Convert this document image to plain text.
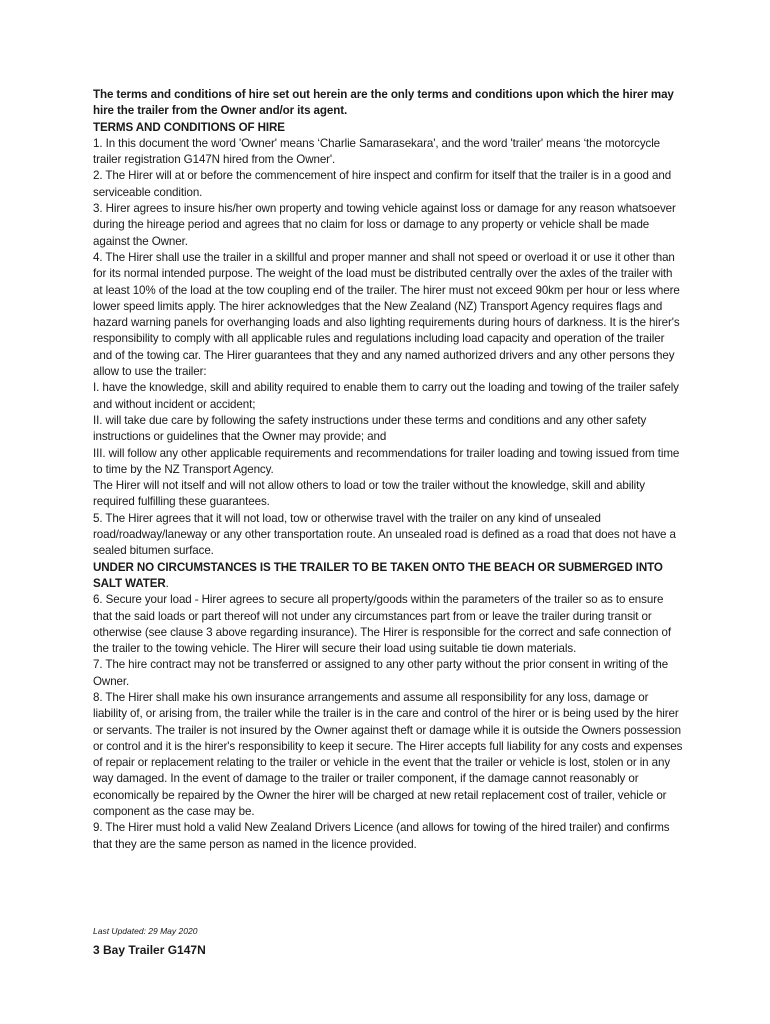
The terms and conditions of hire set out herein are the only terms and conditions upon which the hirer may hire the trailer from the Owner and/or its agent.

TERMS AND CONDITIONS OF HIRE

1. In this document the word 'Owner' means ‘Charlie Samarasekara', and the word 'trailer' means ‘the motorcycle trailer registration G147N hired from the Owner'.

2. The Hirer will at or before the commencement of hire inspect and confirm for itself that the trailer is in a good and serviceable condition.

3. Hirer agrees to insure his/her own property and towing vehicle against loss or damage for any reason whatsoever during the hireage period and agrees that no claim for loss or damage to any property or vehicle shall be made against the Owner.

4. The Hirer shall use the trailer in a skillful and proper manner and shall not speed or overload it or use it other than for its normal intended purpose. The weight of the load must be distributed centrally over the axles of the trailer with at least 10% of the load at the tow coupling end of the trailer. The hirer must not exceed 90km per hour or less where lower speed limits apply. The hirer acknowledges that the New Zealand (NZ) Transport Agency requires flags and hazard warning panels for overhanging loads and also lighting requirements during hours of darkness. It is the hirer's responsibility to comply with all applicable rules and regulations including load capacity and operation of the trailer and of the towing car. The Hirer guarantees that they and any named authorized drivers and any other persons they allow to use the trailer:

I. have the knowledge, skill and ability required to enable them to carry out the loading and towing of the trailer safely and without incident or accident;

II. will take due care by following the safety instructions under these terms and conditions and any other safety instructions or guidelines that the Owner may provide; and

III. will follow any other applicable requirements and recommendations for trailer loading and towing issued from time to time by the NZ Transport Agency.

The Hirer will not itself and will not allow others to load or tow the trailer without the knowledge, skill and ability required fulfilling these guarantees.

5. The Hirer agrees that it will not load, tow or otherwise travel with the trailer on any kind of unsealed road/roadway/laneway or any other transportation route. An unsealed road is defined as a road that does not have a sealed bitumen surface.

UNDER NO CIRCUMSTANCES IS THE TRAILER TO BE TAKEN ONTO THE BEACH OR SUBMERGED INTO SALT WATER.

6. Secure your load - Hirer agrees to secure all property/goods within the parameters of the trailer so as to ensure that the said loads or part thereof will not under any circumstances part from or leave the trailer during transit or otherwise (see clause 3 above regarding insurance). The Hirer is responsible for the correct and safe connection of the trailer to the towing vehicle. The Hirer will secure their load using suitable tie down materials.

7. The hire contract may not be transferred or assigned to any other party without the prior consent in writing of the Owner.

8. The Hirer shall make his own insurance arrangements and assume all responsibility for any loss, damage or liability of, or arising from, the trailer while the trailer is in the care and control of the hirer or is being used by the hirer or servants. The trailer is not insured by the Owner against theft or damage while it is outside the Owners possession or control and it is the hirer's responsibility to keep it secure. The Hirer accepts full liability for any costs and expenses of repair or replacement relating to the trailer or vehicle in the event that the trailer or vehicle is lost, stolen or in any way damaged. In the event of damage to the trailer or trailer component, if the damage cannot reasonably or economically be repaired by the Owner the hirer will be charged at new retail replacement cost of trailer, vehicle or component as the case may be.

9. The Hirer must hold a valid New Zealand Drivers Licence (and allows for towing of the hired trailer) and confirms that they are the same person as named in the licence provided.

Last Updated: 29 May 2020

3 Bay Trailer G147N
